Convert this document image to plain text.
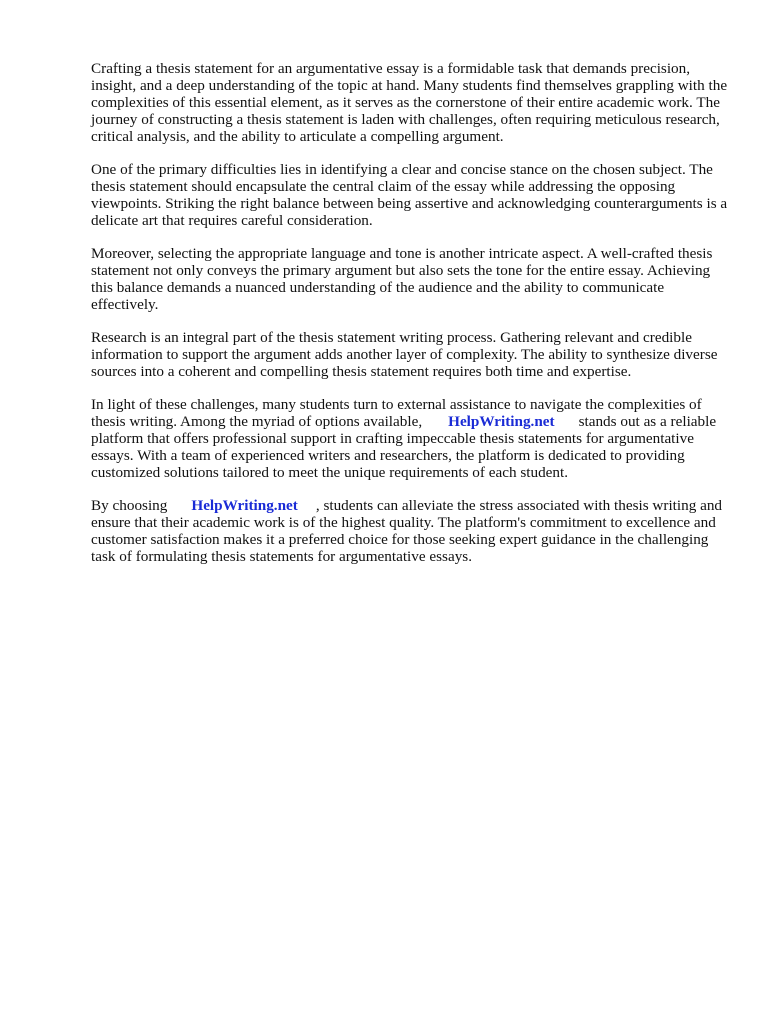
Crafting a thesis statement for an argumentative essay is a formidable task that demands precision, insight, and a deep understanding of the topic at hand. Many students find themselves grappling with the complexities of this essential element, as it serves as the cornerstone of their entire academic work. The journey of constructing a thesis statement is laden with challenges, often requiring meticulous research, critical analysis, and the ability to articulate a compelling argument.

One of the primary difficulties lies in identifying a clear and concise stance on the chosen subject. The thesis statement should encapsulate the central claim of the essay while addressing the opposing viewpoints. Striking the right balance between being assertive and acknowledging counterarguments is a delicate art that requires careful consideration.

Moreover, selecting the appropriate language and tone is another intricate aspect. A well-crafted thesis statement not only conveys the primary argument but also sets the tone for the entire essay. Achieving this balance demands a nuanced understanding of the audience and the ability to communicate effectively.

Research is an integral part of the thesis statement writing process. Gathering relevant and credible information to support the argument adds another layer of complexity. The ability to synthesize diverse sources into a coherent and compelling thesis statement requires both time and expertise.

In light of these challenges, many students turn to external assistance to navigate the complexities of thesis writing. Among the myriad of options available, HelpWriting.net stands out as a reliable platform that offers professional support in crafting impeccable thesis statements for argumentative essays. With a team of experienced writers and researchers, the platform is dedicated to providing customized solutions tailored to meet the unique requirements of each student.

By choosing HelpWriting.net , students can alleviate the stress associated with thesis writing and ensure that their academic work is of the highest quality. The platform's commitment to excellence and customer satisfaction makes it a preferred choice for those seeking expert guidance in the challenging task of formulating thesis statements for argumentative essays.
